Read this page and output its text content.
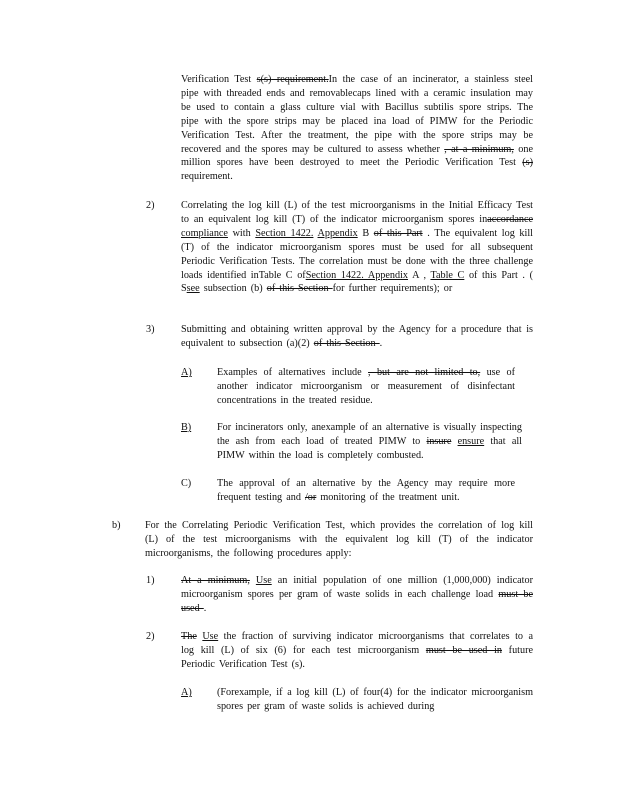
Verification Test s(s) requirement.In the case of an incinerator, a stainless steel pipe with threaded ends and removablecaps lined with a ceramic insulation may be used to contain a glass culture vial with Bacillus subtilis spore strips. The pipe with the spore strips may be placed ina load of PIMW for the Periodic Verification Test. After the treatment, the pipe with the spore strips may be recovered and the spores may be cultured to assess whether , at a minimum, one million spores have been destroyed to meet the Periodic Verification Test (s) requirement.
2)	Correlating the log kill (L) of the test microorganisms in the Initial Efficacy Test to an equivalent log kill (T) of the indicator microorganism spores inaccordance compliance with Section 1422. Appendix B of this Part . The equivalent log kill (T) of the indicator microorganism spores must be used for all subsequent Periodic Verification Tests. The correlation must be done with the three challenge loads identified inTable C ofSection 1422. Appendix A , Table C of this Part . ( Ssee subsection (b) of this Section for further requirements); or
3)	Submitting and obtaining written approval by the Agency for a procedure that is equivalent to subsection (a)(2) of this Section .
A) Examples of alternatives include , but are not limited to, use of another indicator microorganism or measurement of disinfectant concentrations in the treated residue.
B)	For incinerators only, anexample of an alternative is visually inspecting the ash from each load of treated PIMW to insure ensure that all PIMW within the load is completely combusted.
C)	The approval of an alternative by the Agency may require more frequent testing and /or monitoring of the treatment unit.
b) For the Correlating Periodic Verification Test, which provides the correlation of log kill (L) of the test microorganisms with the equivalent log kill (T) of the indicator microorganisms, the following procedures apply:
1)	At a minimum, Use an initial population of one million (1,000,000) indicator microorganism spores per gram of waste solids in each challenge load must be used .
2)	The Use the fraction of surviving indicator microorganisms that correlates to a log kill (L) of six (6) for each test microorganism must be used in future Periodic Verification Test (s).
A) (Forexample, if a log kill (L) of four(4) for the indicator microorganism spores per gram of waste solids is achieved during
